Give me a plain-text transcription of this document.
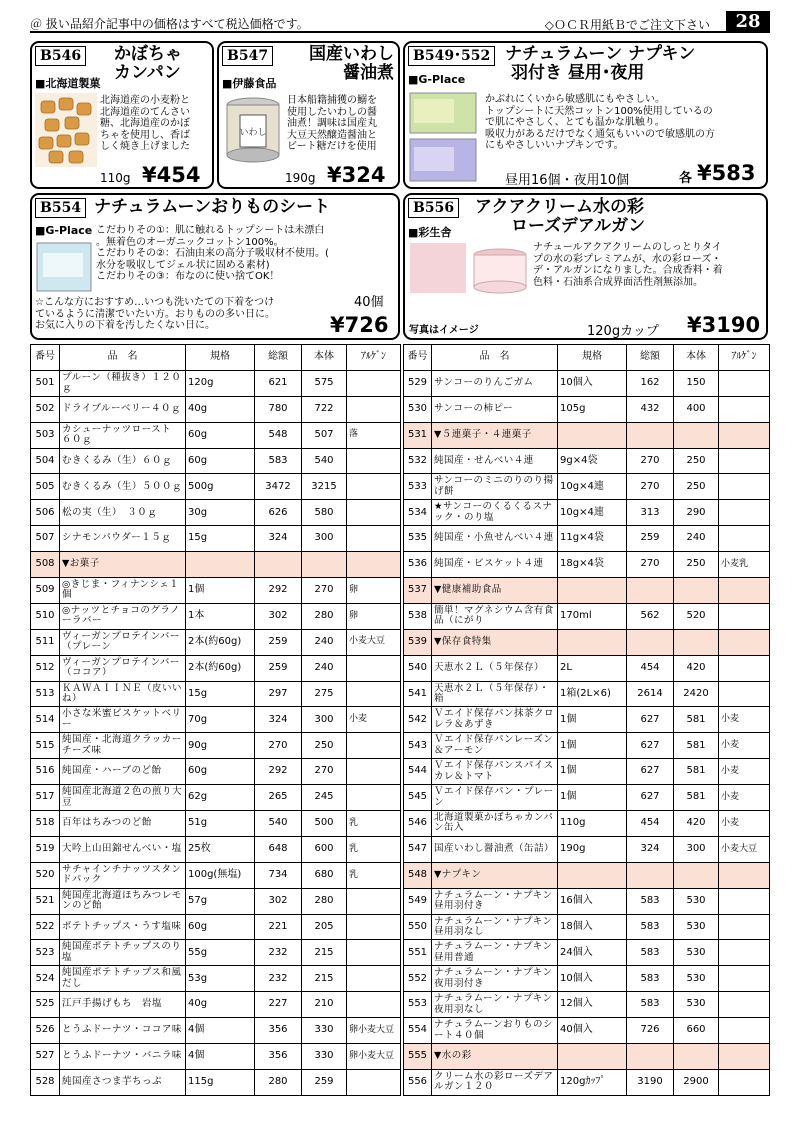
＠ 扱い品紹介記事中の価格はすべて税込価格です。	◇ＯＣＲ用紙Ｂでご注文下さい	28
B546 かぼちゃ
カンパン
■北海道製菓
北海道産の小麦粉と
北海道産のてんさい
糖、北海道産のかぼ
ちゃを使用し、香ば
しく焼き上げました
110g ¥454
B547 国産いわし
醤油煮
■伊藤食品
いわし
日本船籍捕獲の鰯を
使用したいわしの醤
油煮！調味は国産丸
大豆天然醸造醤油と
ビート糖だけを使用
190g ¥324
B549･552 ナチュラムーン ナプキン
羽付き 昼用･夜用
■G-Place
かぶれにくいから敏感肌にもやさしい。
トップシートに天然コットン100%使用しているの
で肌にやさしく、とても温かな肌触り。
吸収力があるだけでなく通気もいいので敏感肌の方
にもやさしいいナプキンです。
昼用16個・夜用10個	各 ¥583
B554 ナチュラムーンおりものシート
■G-Place こだわりその①：肌に触れるトップシートは未漂白
。無着色のオーガニックコットン100%。
こだわりその②：石油由来の高分子吸収材不使用。(
水分を吸収してジェル状に固める素材)
こだわりその③：布なのに使い捨てOK！
☆こんな方におすすめ…いつも洗いたての下着をつけ
ているように清潔でいたい方。おりものの多い日に。
お気に入りの下着を汚したくない日に。
40個
¥726
B556 アクアクリーム水の彩
ローズデアルガン
■彩生舎
ナチュールアクアクリームのしっとりタイ
プの水の彩プレミアムが、水の彩ローズ・
デ・アルガンになりました。合成香料・着
色料・石油系合成界面活性剤無添加。
写真はイメージ	120gカップ ¥3190
番号	品　名	規格	総額	本体	ｱﾙｹﾞﾝ
501	プルーン（種抜き）１２０ｇ	120g	621	575	
502	ドライブルーベリー４０ｇ	40g	780	722	
503	カシューナッツロースト　６０ｇ	60g	548	507	落
504	むきくるみ（生）６０ｇ	60g	583	540	
505	むきくるみ（生）５００ｇ	500g	3472	3215	
506	松の実（生）　３０ｇ	30g	626	580	
507	シナモンパウダー１５ｇ	15g	324	300	
508	▼お菓子				
509	◎きじま・フィナンシェ１個	1個	292	270	卵
510	◎ナッツとチョコのグラノーラバー	1本	302	280	卵
511	ヴィーガンプロテインバー（プレーン	2本(約60g)	259	240	小麦大豆
512	ヴィーガンプロテインバー（ココア）	2本(約60g)	259	240	
513	ＫＡＷＡＩＩＮＥ（皮いいね）	15g	297	275	
514	小さな米蜜ビスケットベリー	70g	324	300	小麦
515	純国産・北海道クラッカーチーズ味	90g	270	250	
516	純国産・ハーブのど飴	60g	292	270	
517	純国産北海道２色の煎り大豆	62g	265	245	
518	百年はちみつのど飴	51g	540	500	乳
519	大吟上山田錦せんべい・塩	25枚	648	600	乳
520	サチャインチナッツスタンドパック	100g(無塩)	734	680	乳
521	純国産北海道ほちみつレモンのど飴	57g	302	280	
522	ポテトチップス・うす塩味	60g	221	205	
523	純国産ポテトチップスのり塩	55g	232	215	
524	純国産ポテトチップス和風だし	53g	232	215	
525	江戸手揚げもち　岩塩	40g	227	210	
526	とうふドーナツ・ココア味	4個	356	330	卵小麦大豆
527	とうふドーナツ・バニラ味	4個	356	330	卵小麦大豆
528	純国産さつま芋ちっぷ	115g	280	259	
番号	品　名	規格	総額	本体	ｱﾙｹﾞﾝ
529	サンコーのりんごガム	10個入	162	150	
530	サンコーの柿ピー	105g	432	400	
531	▼５連菓子・４連菓子				
532	純国産・せんべい４連	9g×4袋	270	250	
533	サンコーのミニのりのり揚げ餅	10g×4連	270	250	
534	★サンコーのくるくるスナック・のり塩	10g×4連	313	290	
535	純国産・小魚せんべい４連	11g×4袋	259	240	
536	純国産・ビスケット４連	18g×4袋	270	250	小麦乳
537	▼健康補助食品				
538	簡単！マグネシウム含有食品（にがり	170ml	562	520	
539	▼保存食特集				
540	天恵水２Ｌ（５年保存）	2L	454	420	
541	天恵水２Ｌ（５年保存）・箱	1箱(2L×6)	2614	2420	
542	Ｖエイド保存パン抹茶クロレラ＆あずき	1個	627	581	小麦
543	Ｖエイド保存パンレーズン＆アーモン	1個	627	581	小麦
544	Ｖエイド保存パンスパイスカレ＆トマト	1個	627	581	小麦
545	Ｖエイド保存パン・プレーン	1個	627	581	小麦
546	北海道製菓かぼちゃカンパン缶入	110g	454	420	小麦
547	国産いわし醤油煮（缶詰）	190g	324	300	小麦大豆
548	▼ナプキン				
549	ナチュラムーン・ナプキン昼用羽付き	16個入	583	530	
550	ナチュラムーン・ナプキン昼用羽なし	18個入	583	530	
551	ナチュラムーン・ナプキン昼用普通	24個入	583	530	
552	ナチュラムーン・ナプキン夜用羽付き	10個入	583	530	
553	ナチュラムーン・ナプキン夜用羽なし	12個入	583	530	
554	ナチュラムーンおりものシート４０個	40個入	726	660	
555	▼水の彩				
556	クリーム水の彩ローズデアルガン１２０	120gｶｯﾌﾟ	3190	2900	
